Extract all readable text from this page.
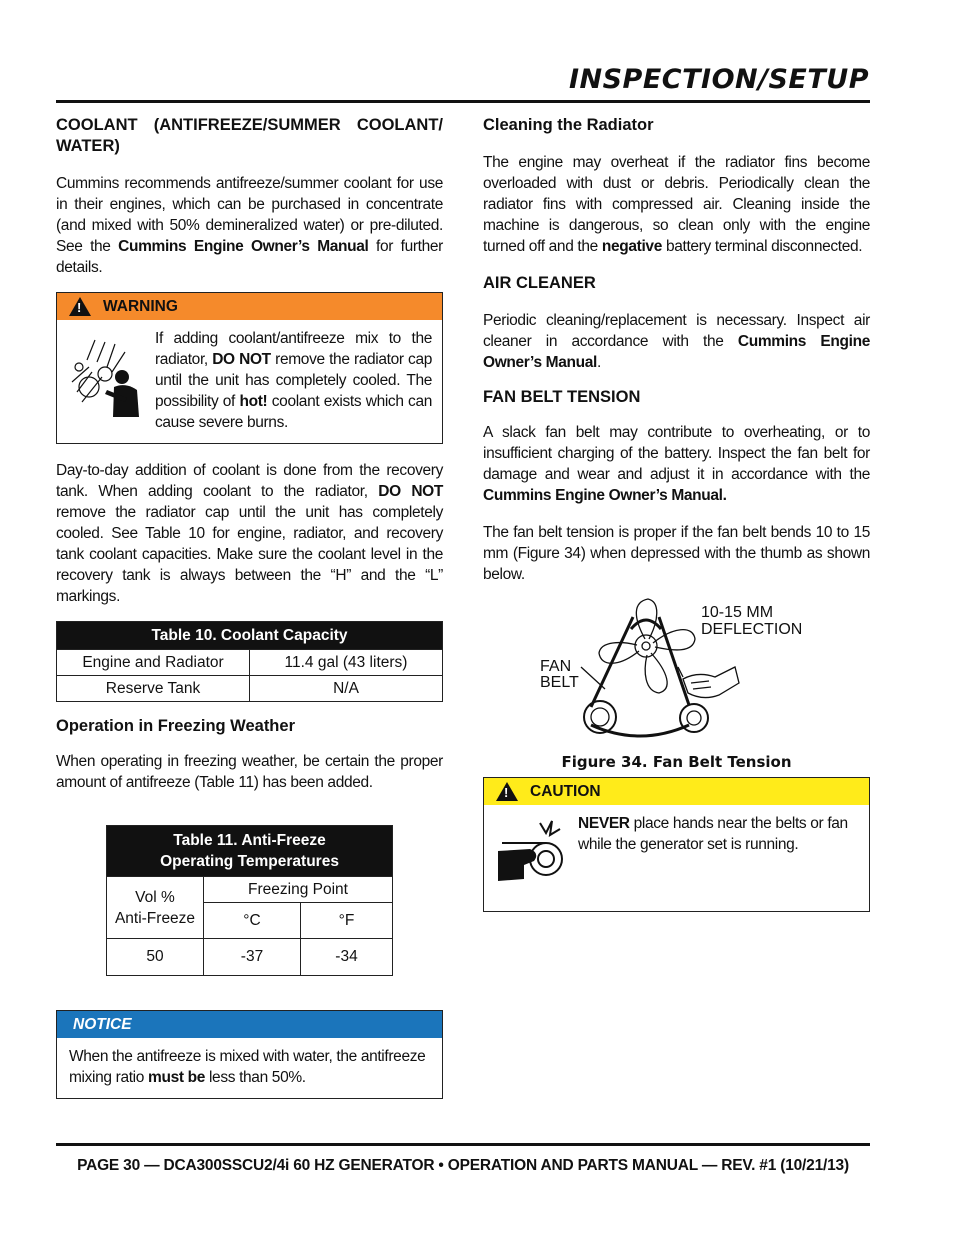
INSPECTION/SETUP
COOLANT (ANTIFREEZE/SUMMER COOLANT/ WATER)

Cummins recommends antifreeze/summer coolant for use in their engines, which can be purchased in concentrate (and mixed with 50% demineralized water) or pre-diluted. See the Cummins Engine Owner’s Manual for further details.

! WARNING
If adding coolant/antifreeze mix to the radiator, DO NOT remove the radiator cap until the unit has completely cooled. The possibility of hot! coolant exists which can cause severe burns.

Day-to-day addition of coolant is done from the recovery tank. When adding coolant to the radiator, DO NOT remove the radiator cap until the unit has completely cooled. See Table 10 for engine, radiator, and recovery tank coolant capacities. Make sure the coolant level in the recovery tank is always between the “H” and the “L” markings.

Table 10. Coolant Capacity	
Engine and Radiator	11.4 gal (43 liters)
Reserve Tank	N/A
Operation in Freezing Weather

When operating in freezing weather, be certain the proper amount of antifreeze (Table 11) has been added.

Table 11. Anti-Freeze
Operating Temperatures		
Vol %
Anti-Freeze	Freezing Point	
	°C	°F
50	-37	-34
NOTICE
When the antifreeze is mixed with water, the antifreeze mixing ratio must be less than 50%.
Cleaning the Radiator

The engine may overheat if the radiator fins become overloaded with dust or debris. Periodically clean the radiator fins with compressed air. Cleaning inside the machine is dangerous, so clean only with the engine turned off and the negative battery terminal disconnected.

AIR CLEANER

Periodic cleaning/replacement is necessary. Inspect air cleaner in accordance with the Cummins Engine Owner’s Manual.

FAN BELT TENSION

A slack fan belt may contribute to overheating, or to insufficient charging of the battery. Inspect the fan belt for damage and wear and adjust it in accordance with the Cummins Engine Owner’s Manual.

The fan belt tension is proper if the fan belt bends 10 to 15 mm (Figure 34) when depressed with the thumb as shown below.

10-15 MM
DEFLECTION
FAN
BELT
Figure 34. Fan Belt Tension
! CAUTION
NEVER place hands near the belts or fan while the generator set is running.
PAGE 30 — DCA300SSCU2/4i 60 HZ GENERATOR • OPERATION AND PARTS MANUAL — REV. #1 (10/21/13)
